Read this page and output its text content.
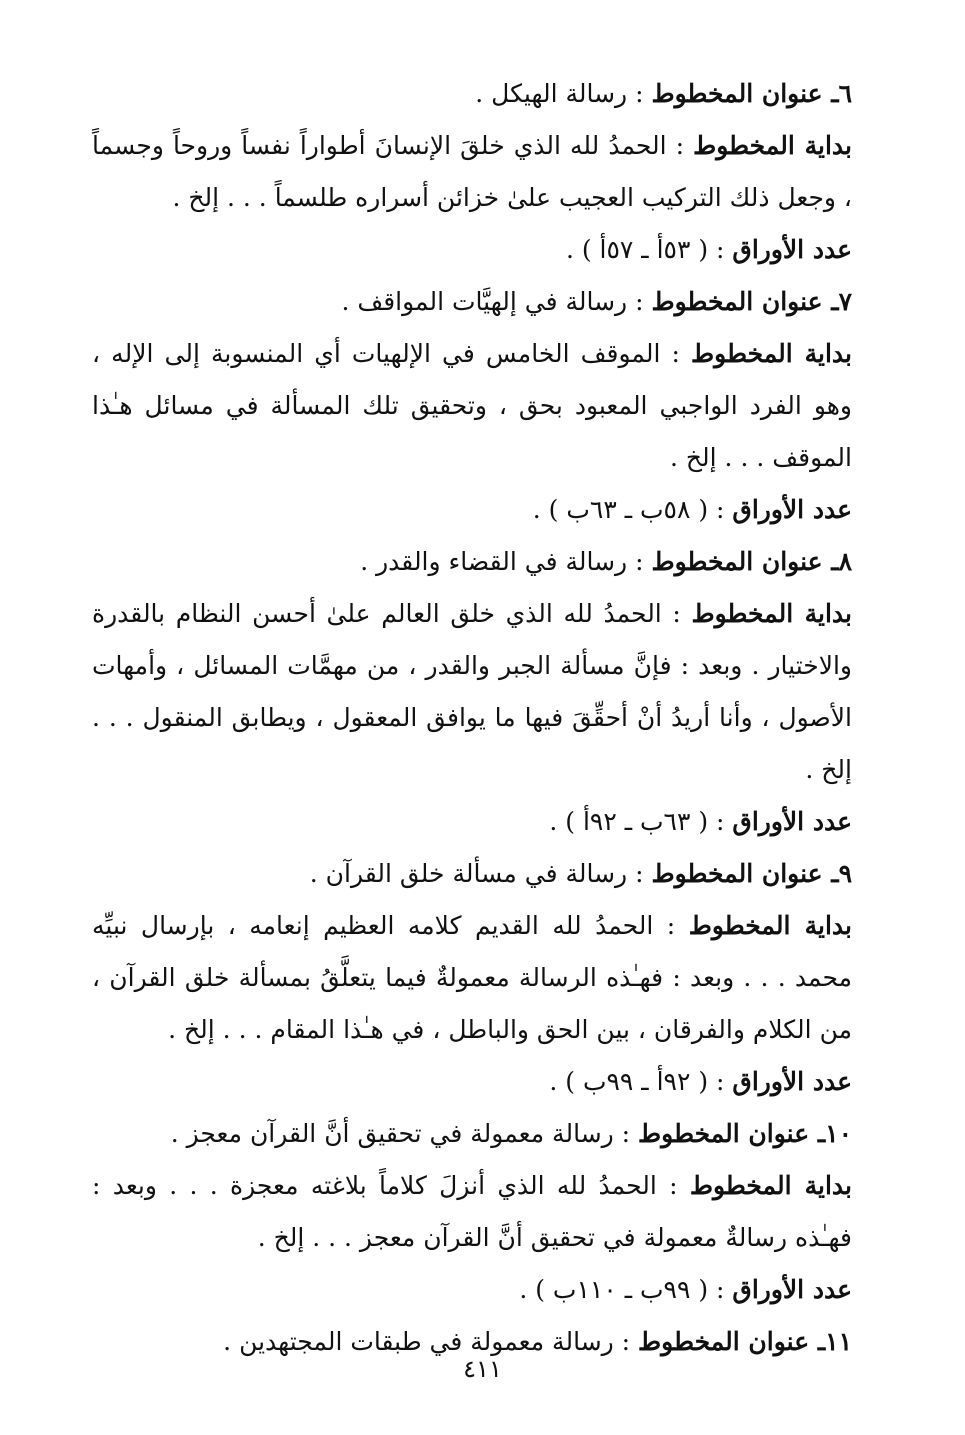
٦ـ عنوان المخطوط : رسالة الهيكل .

بداية المخطوط : الحمدُ لله الذي خلقَ الإنسانَ أطواراً نفساً وروحاً وجسماً ، وجعل ذلك التركيب العجيب علىٰ خزائن أسراره طلسماً . . . إلخ .

عدد الأوراق : ( ٥٣أ ـ ٥٧أ ) .

٧ـ عنوان المخطوط : رسالة في إلهيَّات المواقف .

بداية المخطوط : الموقف الخامس في الإلهيات أي المنسوبة إلى الإله ، وهو الفرد الواجبي المعبود بحق ، وتحقيق تلك المسألة في مسائل هـٰذا الموقف . . . إلخ .

عدد الأوراق : ( ٥٨ب ـ ٦٣ب ) .

٨ـ عنوان المخطوط : رسالة في القضاء والقدر .

بداية المخطوط : الحمدُ لله الذي خلق العالم علىٰ أحسن النظام بالقدرة والاختيار . وبعد : فإنَّ مسألة الجبر والقدر ، من مهمَّات المسائل ، وأمهات الأصول ، وأنا أريدُ أنْ أحقِّقَ فيها ما يوافق المعقول ، ويطابق المنقول . . . إلخ .

عدد الأوراق : ( ٦٣ب ـ ٩٢أ ) .

٩ـ عنوان المخطوط : رسالة في مسألة خلق القرآن .

بداية المخطوط : الحمدُ لله القديم كلامه العظيم إنعامه ، بإرسال نبيِّه محمد . . . وبعد : فهـٰذه الرسالة معمولةٌ فيما يتعلَّقُ بمسألة خلق القرآن ، من الكلام والفرقان ، بين الحق والباطل ، في هـٰذا المقام . . . إلخ .

عدد الأوراق : ( ٩٢أ ـ ٩٩ب ) .

١٠ـ عنوان المخطوط : رسالة معمولة في تحقيق أنَّ القرآن معجز .

بداية المخطوط : الحمدُ لله الذي أنزلَ كلاماً بلاغته معجزة . . . وبعد : فهـٰذه رسالةٌ معمولة في تحقيق أنَّ القرآن معجز . . . إلخ .

عدد الأوراق : ( ٩٩ب ـ ١١٠ب ) .

١١ـ عنوان المخطوط : رسالة معمولة في طبقات المجتهدين .

٤١١
